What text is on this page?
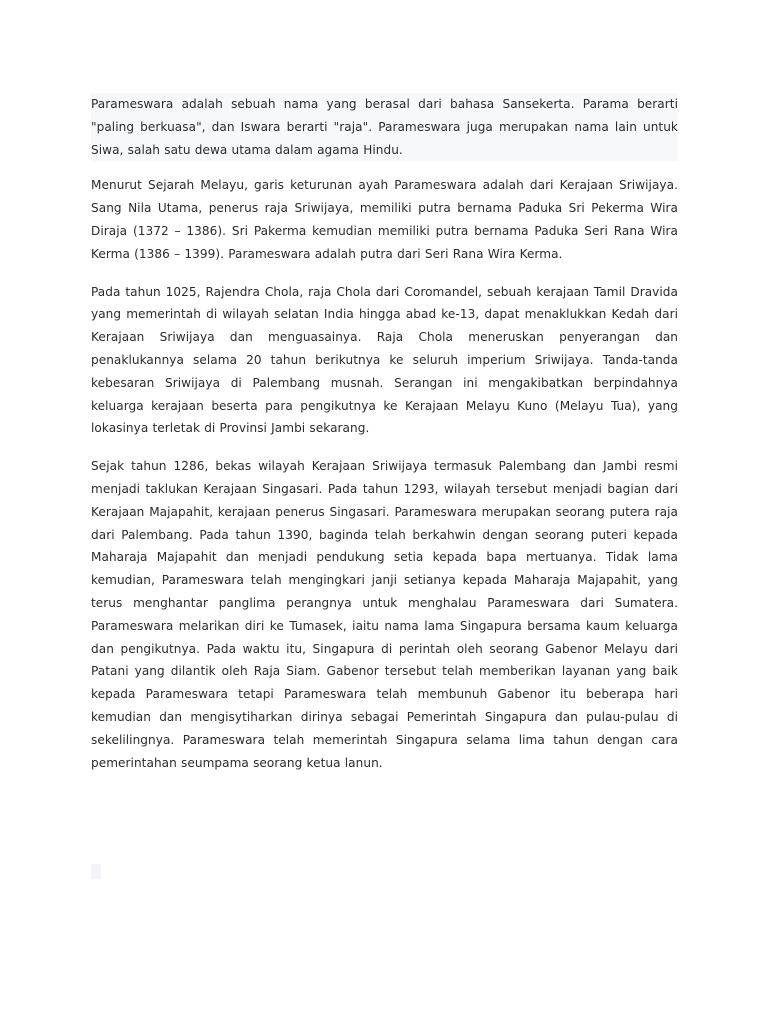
Parameswara adalah sebuah nama yang berasal dari bahasa Sansekerta. Parama berarti "paling berkuasa", dan Iswara berarti "raja". Parameswara juga merupakan nama lain untuk Siwa, salah satu dewa utama dalam agama Hindu.

Menurut Sejarah Melayu, garis keturunan ayah Parameswara adalah dari Kerajaan Sriwijaya. Sang Nila Utama, penerus raja Sriwijaya, memiliki putra bernama Paduka Sri Pekerma Wira Diraja (1372 – 1386). Sri Pakerma kemudian memiliki putra bernama Paduka Seri Rana Wira Kerma (1386 – 1399). Parameswara adalah putra dari Seri Rana Wira Kerma.

Pada tahun 1025, Rajendra Chola, raja Chola dari Coromandel, sebuah kerajaan Tamil Dravida yang memerintah di wilayah selatan India hingga abad ke-13, dapat menaklukkan Kedah dari Kerajaan Sriwijaya dan menguasainya. Raja Chola meneruskan penyerangan dan penaklukannya selama 20 tahun berikutnya ke seluruh imperium Sriwijaya. Tanda-tanda kebesaran Sriwijaya di Palembang musnah. Serangan ini mengakibatkan berpindahnya keluarga kerajaan beserta para pengikutnya ke Kerajaan Melayu Kuno (Melayu Tua), yang lokasinya terletak di Provinsi Jambi sekarang.

Sejak tahun 1286, bekas wilayah Kerajaan Sriwijaya termasuk Palembang dan Jambi resmi menjadi taklukan Kerajaan Singasari. Pada tahun 1293, wilayah tersebut menjadi bagian dari Kerajaan Majapahit, kerajaan penerus Singasari. Parameswara merupakan seorang putera raja dari Palembang. Pada tahun 1390, baginda telah berkahwin dengan seorang puteri kepada Maharaja Majapahit dan menjadi pendukung setia kepada bapa mertuanya. Tidak lama kemudian, Parameswara telah mengingkari janji setianya kepada Maharaja Majapahit, yang terus menghantar panglima perangnya untuk menghalau Parameswara dari Sumatera. Parameswara melarikan diri ke Tumasek, iaitu nama lama Singapura bersama kaum keluarga dan pengikutnya. Pada waktu itu, Singapura di perintah oleh seorang Gabenor Melayu dari Patani yang dilantik oleh Raja Siam. Gabenor tersebut telah memberikan layanan yang baik kepada Parameswara tetapi Parameswara telah membunuh Gabenor itu beberapa hari kemudian dan mengisytiharkan dirinya sebagai Pemerintah Singapura dan pulau-pulau di sekelilingnya. Parameswara telah memerintah Singapura selama lima tahun dengan cara pemerintahan seumpama seorang ketua lanun.
